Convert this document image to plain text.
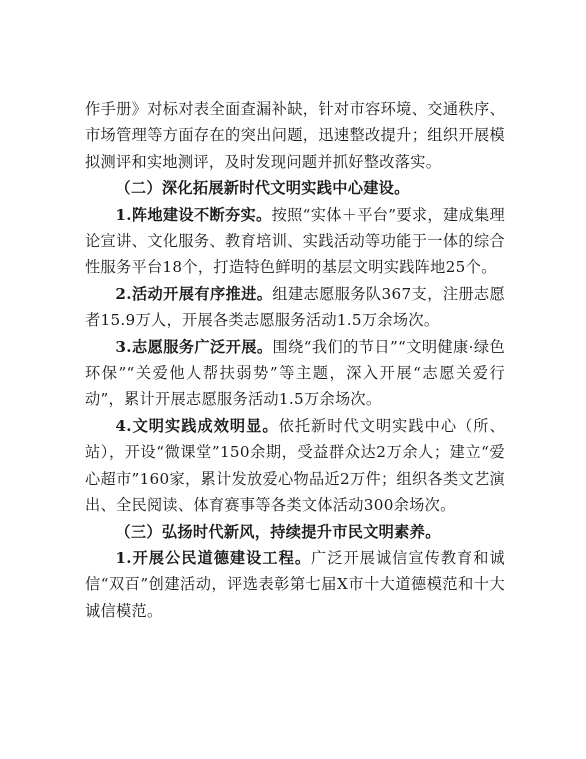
作手册》对标对表全面查漏补缺，针对市容环境、交通秩序、市场管理等方面存在的突出问题，迅速整改提升；组织开展模拟测评和实地测评，及时发现问题并抓好整改落实。

（二）深化拓展新时代文明实践中心建设。

1.阵地建设不断夯实。按照“实体＋平台”要求，建成集理论宣讲、文化服务、教育培训、实践活动等功能于一体的综合性服务平台18个，打造特色鲜明的基层文明实践阵地25个。

2.活动开展有序推进。组建志愿服务队367支，注册志愿者15.9万人，开展各类志愿服务活动1.5万余场次。

3.志愿服务广泛开展。围绕“我们的节日”“文明健康·绿色环保”“关爱他人帮扶弱势”等主题，深入开展“志愿关爱行动”，累计开展志愿服务活动1.5万余场次。

4.文明实践成效明显。依托新时代文明实践中心（所、站），开设“微课堂”150余期，受益群众达2万余人；建立“爱心超市”160家，累计发放爱心物品近2万件；组织各类文艺演出、全民阅读、体育赛事等各类文体活动300余场次。

（三）弘扬时代新风，持续提升市民文明素养。

1.开展公民道德建设工程。广泛开展诚信宣传教育和诚信“双百”创建活动，评选表彰第七届X市十大道德模范和十大诚信模范。
